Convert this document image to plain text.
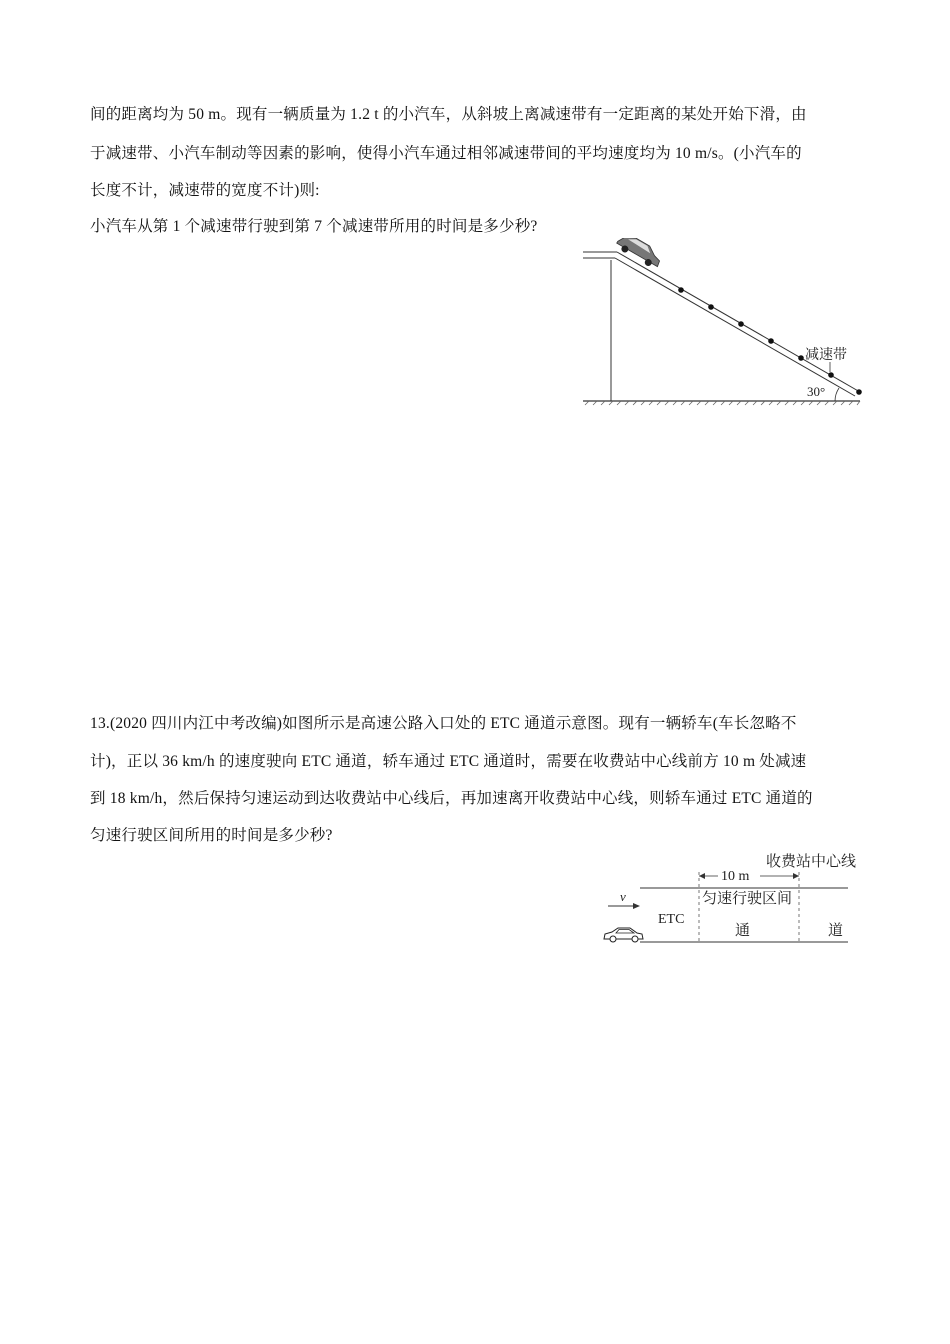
间的距离均为 50 m。现有一辆质量为 1.2 t 的小汽车，从斜坡上离减速带有一定距离的某处开始下滑，由
于减速带、小汽车制动等因素的影响，使得小汽车通过相邻减速带间的平均速度均为 10 m/s。(小汽车的
长度不计，减速带的宽度不计)则:
小汽车从第 1 个减速带行驶到第 7 个减速带所用的时间是多少秒?
减速带
30°
13.(2020 四川内江中考改编)如图所示是高速公路入口处的 ETC 通道示意图。现有一辆轿车(车长忽略不
计)，正以 36 km/h 的速度驶向 ETC 通道，轿车通过 ETC 通道时，需要在收费站中心线前方 10 m 处减速
到 18 km/h，然后保持匀速运动到达收费站中心线后，再加速离开收费站中心线，则轿车通过 ETC 通道的
匀速行驶区间所用的时间是多少秒?
收费站中心线
10 m
匀速行驶区间
ETC
通	道
v
